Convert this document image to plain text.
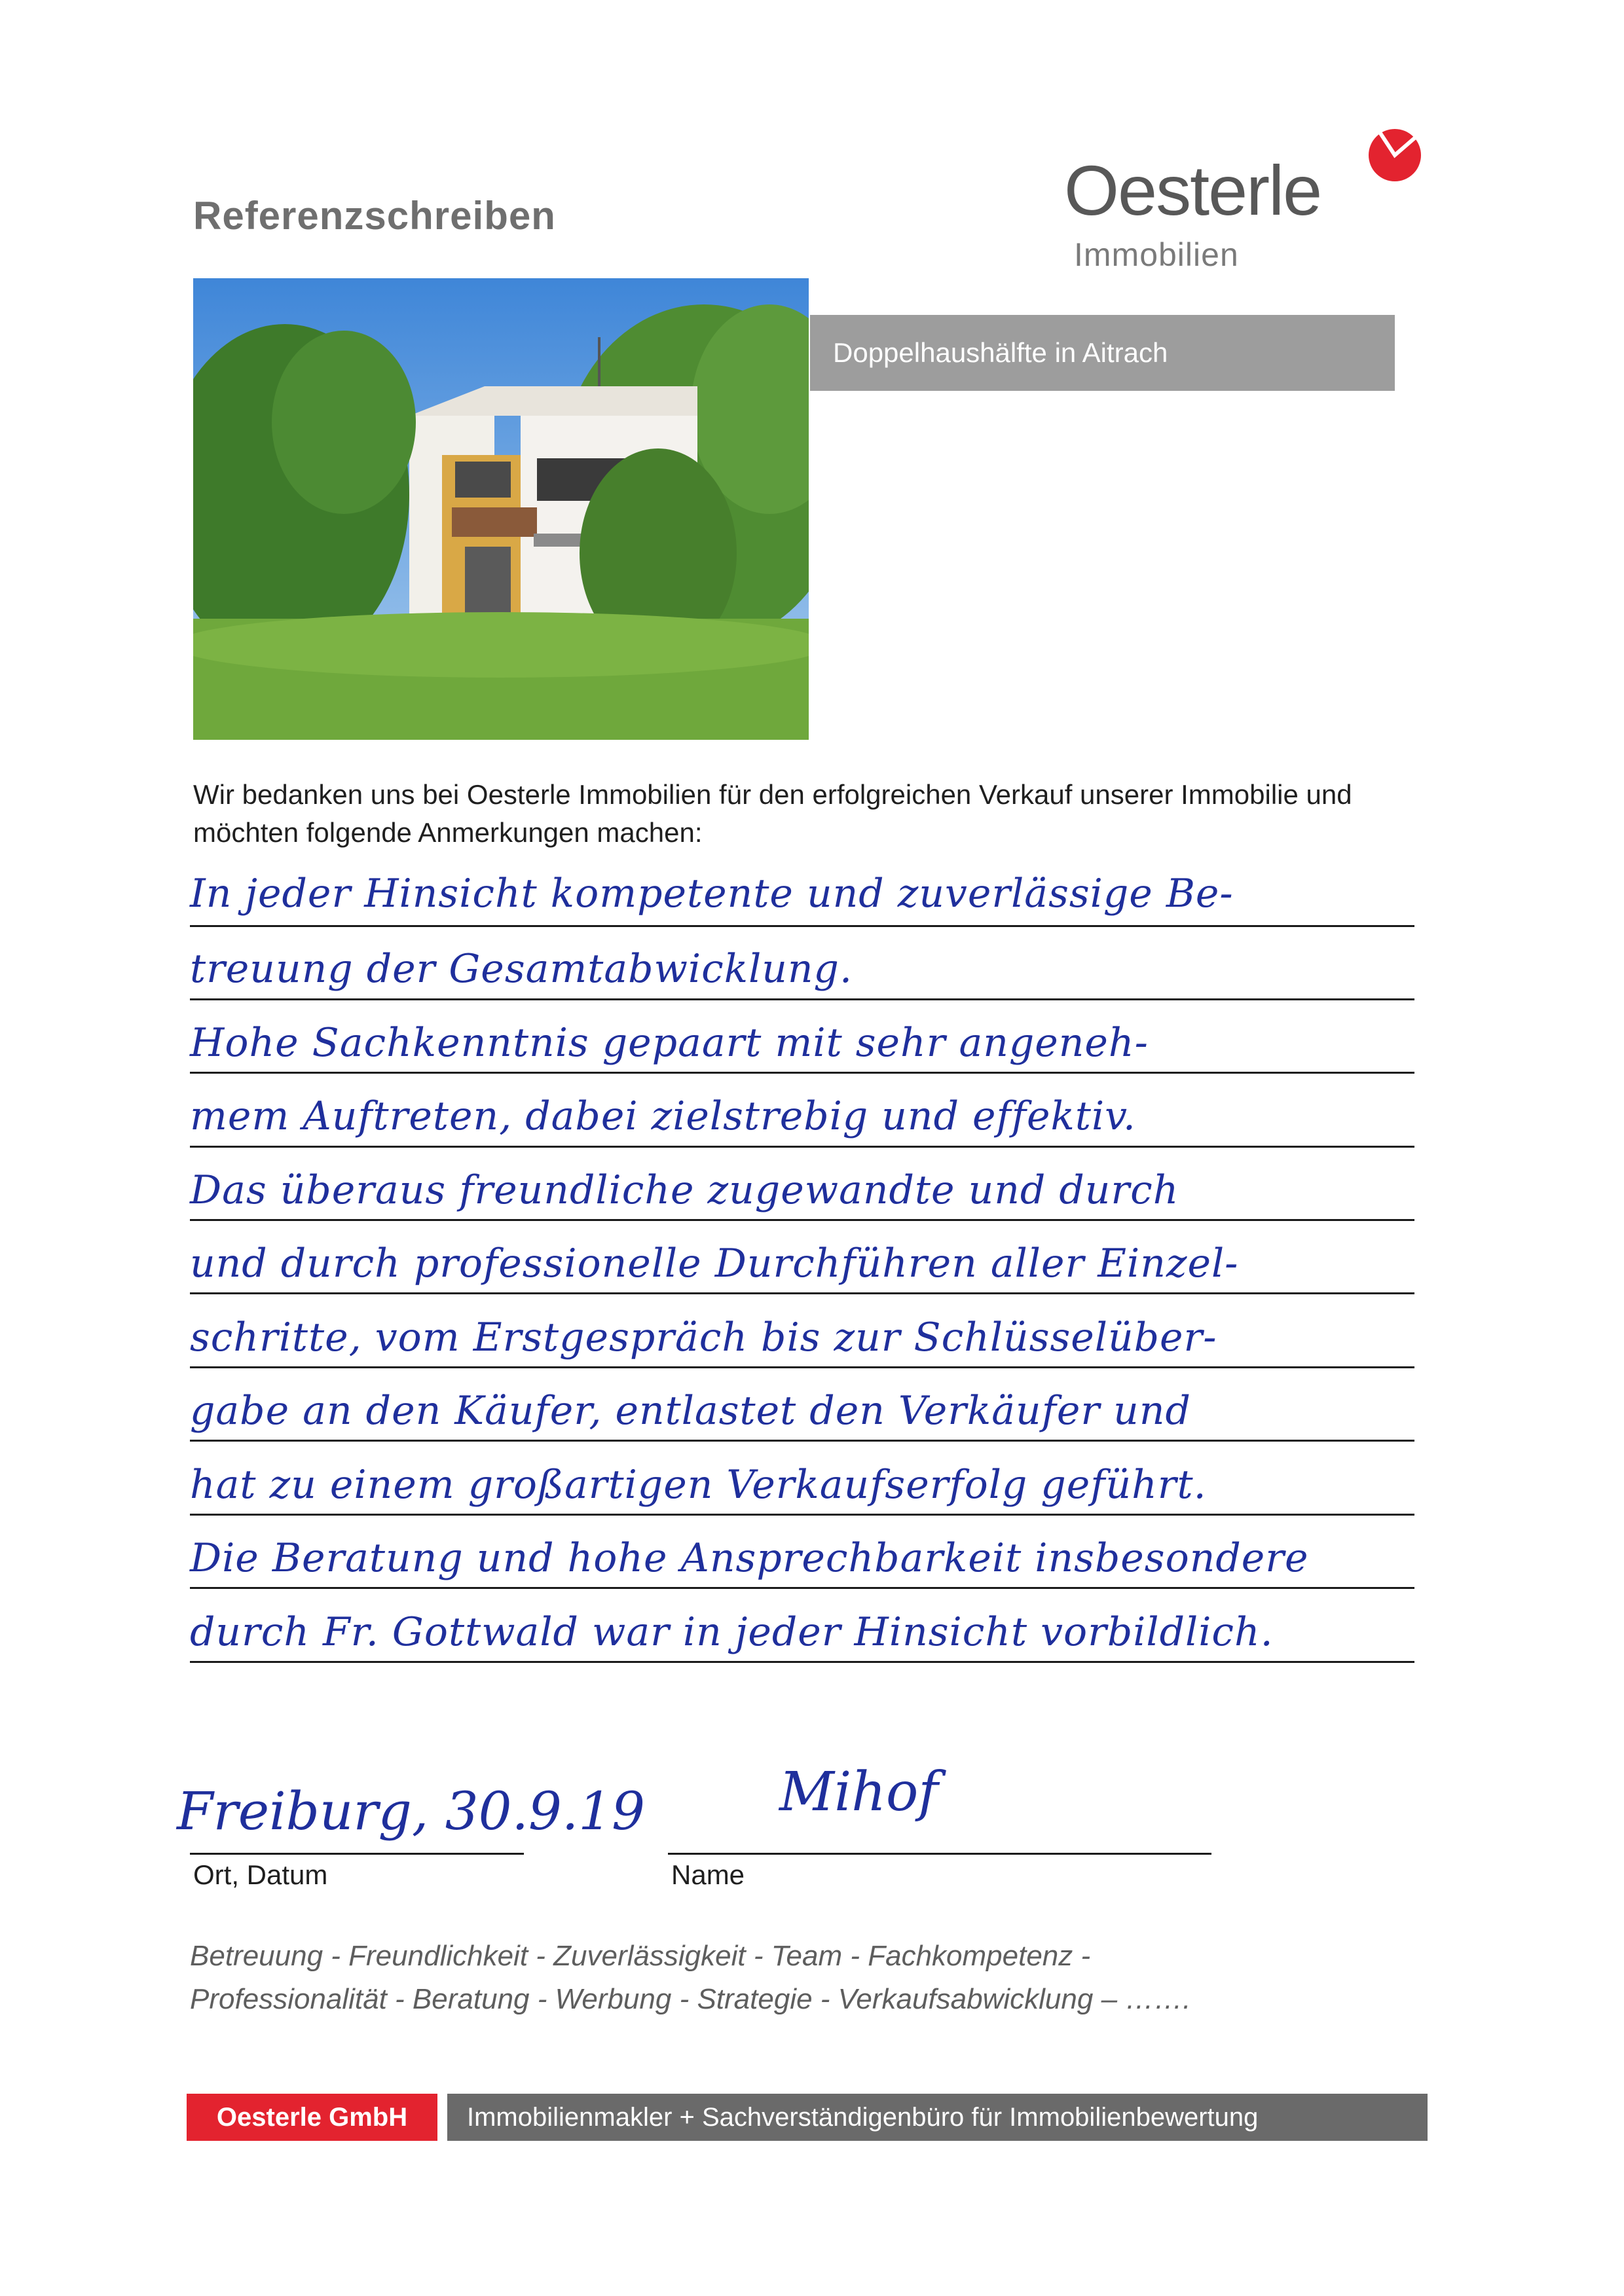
Referenzschreiben	Oesterle
Immobilien
Doppelhaushälfte in Aitrach
Wir bedanken uns bei Oesterle Immobilien für den erfolgreichen Verkauf unserer Immobilie und möchten folgende Anmerkungen machen:
In jeder Hinsicht kompetente und zuverlässige Be-
treuung der Gesamtabwicklung.
Hohe Sachkenntnis gepaart mit sehr angeneh-
mem Auftreten, dabei zielstrebig und effektiv.
Das überaus freundliche zugewandte und durch
und durch professionelle Durchführen aller Einzel-
schritte, vom Erstgespräch bis zur Schlüsselüber-
gabe an den Käufer, entlastet den Verkäufer und
hat zu einem großartigen Verkaufserfolg geführt.
Die Beratung und hohe Ansprechbarkeit insbesondere
durch Fr. Gottwald war in jeder Hinsicht vorbildlich.
Freiburg, 30.9.19
Ort, Datum
Mihof
Name
Betreuung - Freundlichkeit - Zuverlässigkeit - Team - Fachkompetenz -
Professionalität - Beratung - Werbung - Strategie - Verkaufsabwicklung – …….
Oesterle GmbH	Immobilienmakler + Sachverständigenbüro für Immobilienbewertung
